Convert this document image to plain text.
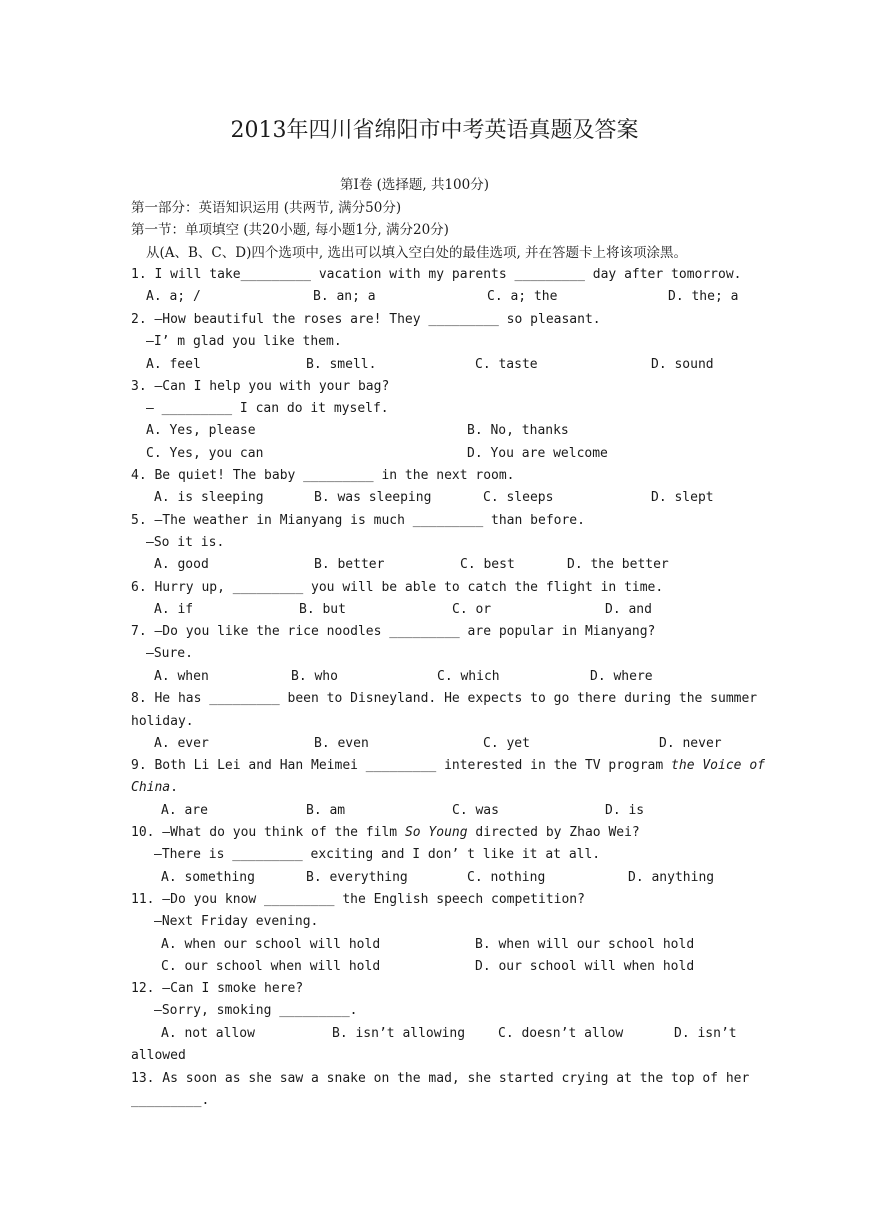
2013年四川省绵阳市中考英语真题及答案
第Ⅰ卷 (选择题, 共100分)
第一部分：英语知识运用 (共两节, 满分50分)
第一节：单项填空 (共20小题, 每小题1分, 满分20分)
从(A、B、C、D)四个选项中, 选出可以填入空白处的最佳选项, 并在答题卡上将该项涂黑。
1. I will take_________ vacation with my parents _________ day after tomorrow.
A. a; /	B. an; a	C. a; the	D. the; a
2. —How beautiful the roses are! They _________ so pleasant.
—I’ m glad you like them.
A. feel	B. smell.	C. taste	D. sound
3. —Can I help you with your bag?
— _________ I can do it myself.
A. Yes, please	B. No, thanks
C. Yes, you can	D. You are welcome
4. Be quiet! The baby _________ in the next room.
A. is sleeping	B. was sleeping	C. sleeps	D. slept
5. —The weather in Mianyang is much _________ than before.
—So it is.
A. good	B. better	C. best	D. the better
6. Hurry up, _________ you will be able to catch the flight in time.
A. if	B. but	C. or	D. and
7. —Do you like the rice noodles _________ are popular in Mianyang?
—Sure.
A. when	B. who	C. which	D. where
8. He has _________ been to Disneyland. He expects to go there during the summer
holiday.
A. ever	B. even	C. yet	D. never
9. Both Li Lei and Han Meimei _________ interested in the TV program the Voice of
China.
A. are	B. am	C. was	D. is
10. —What do you think of the film So Young directed by Zhao Wei?
—There is _________ exciting and I don’ t like it at all.
A. something	B. everything	C. nothing	D. anything
11. —Do you know _________ the English speech competition?
—Next Friday evening.
A. when our school will hold	B. when will our school hold
C. our school when will hold	D. our school will when hold
12. —Can I smoke here?
—Sorry, smoking _________.
A. not allow	B. isn’t allowing	C. doesn’t allow	D. isn’t
allowed
13. As soon as she saw a snake on the mad, she started crying at the top of her
_________.
